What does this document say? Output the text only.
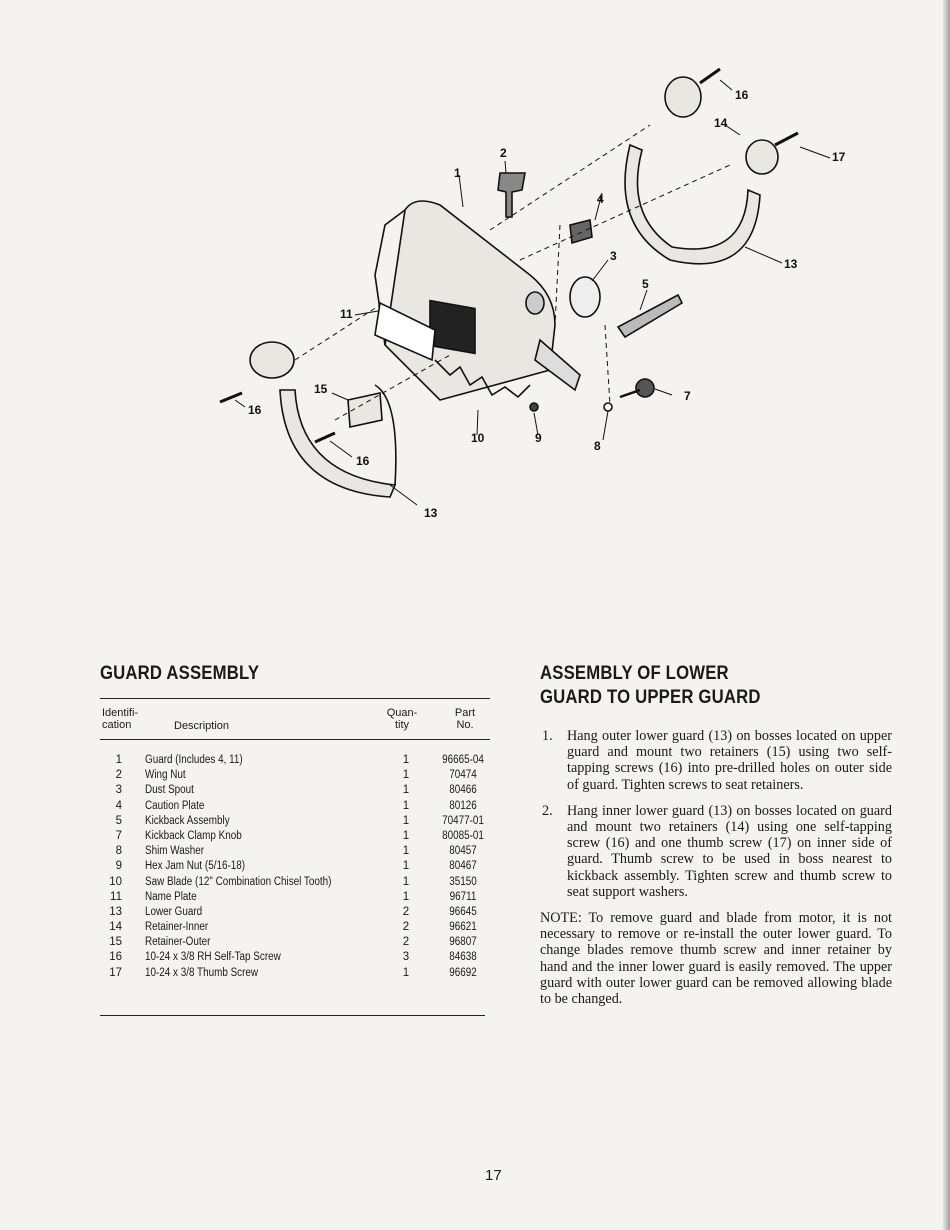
1
2
3
4
5
7
8
9
10
11
13
13
14
15
16
16
16
17
GUARD ASSEMBLY
Identifi-
cation	Description
Quan-
tity
Part
No.
1 Guard (Includes 4, 11)	1	96665-04
2 Wing Nut	1	70474
3 Dust Spout	1	80466
4 Caution Plate	1	80126
5 Kickback Assembly	1	70477-01
7 Kickback Clamp Knob	1	80085-01
8 Shim Washer	1	80457
9 Hex Jam Nut (5/16-18)	1	80467
10 Saw Blade (12" Combination Chisel Tooth)	1	35150
11 Name Plate	1	96711
13 Lower Guard	2	96645
14 Retainer-Inner	2	96621
15 Retainer-Outer	2	96807
16 10-24 x 3/8 RH Self-Tap Screw	3	84638
17 10-24 x 3/8 Thumb Screw	1	96692
ASSEMBLY OF LOWER
GUARD TO UPPER GUARD
1. Hang outer lower guard (13) on bosses located on upper guard and mount two retainers (15) using two self-tapping screws (16) into pre-drilled holes on outer side of guard. Tighten screws to seat retainers.
2. Hang inner lower guard (13) on bosses located on guard and mount two retainers (14) using one self-tapping screw (16) and one thumb screw (17) on inner side of guard. Thumb screw to be used in boss nearest to kickback assembly. Tighten screw and thumb screw to seat support washers.

NOTE: To remove guard and blade from motor, it is not necessary to remove or re-install the outer lower guard. To change blades remove thumb screw and inner retainer by hand and the inner lower guard is easily removed. The upper guard with outer lower guard can be removed allowing blade to be changed.

17
